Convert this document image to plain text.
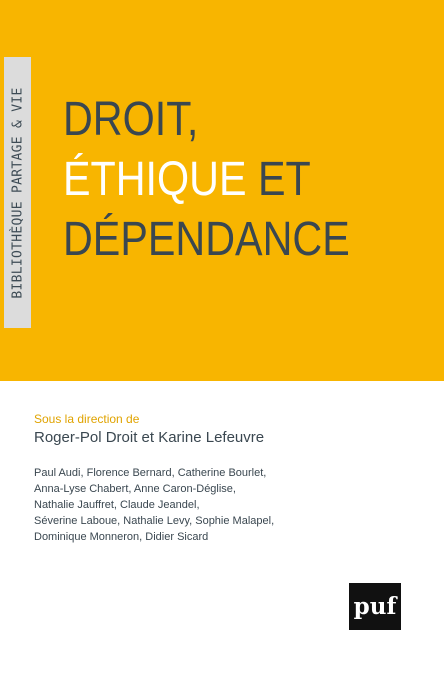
BIBLIOTHÈQUE PARTAGE & VIE DROIT,
ÉTHIQUE ET
DÉPENDANCE
Sous la direction de
Roger-Pol Droit et Karine Lefeuvre
Paul Audi, Florence Bernard, Catherine Bourlet,
Anna-Lyse Chabert, Anne Caron-Déglise,
Nathalie Jauffret, Claude Jeandel,
Séverine Laboue, Nathalie Levy, Sophie Malapel,
Dominique Monneron, Didier Sicard
puf
